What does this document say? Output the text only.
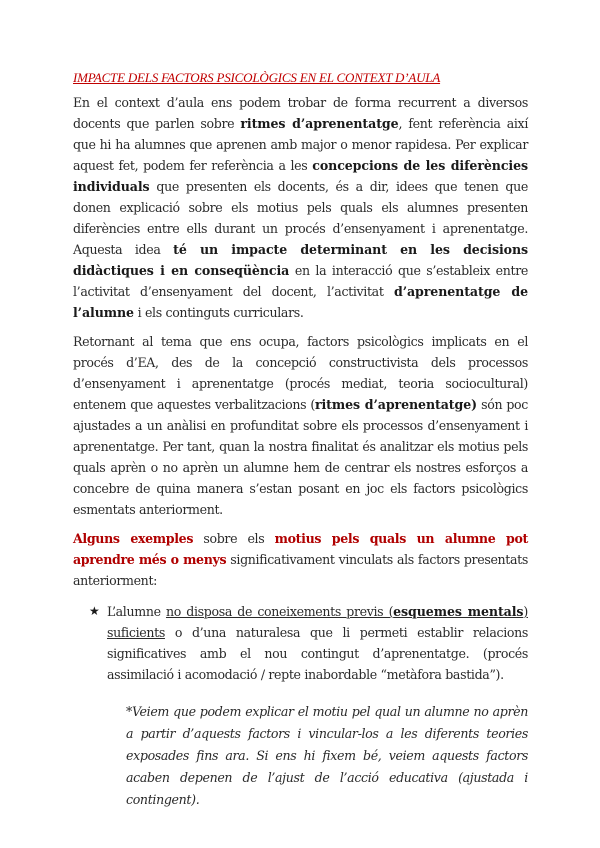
IMPACTE DELS FACTORS PSICOLÒGICS EN EL CONTEXT D’AULA

En el context d’aula ens podem trobar de forma recurrent a diversos docents que parlen sobre ritmes d’aprenentatge, fent referència així que hi ha alumnes que aprenen amb major o menor rapidesa. Per explicar aquest fet, podem fer referència a les concepcions de les diferències individuals que presenten els docents, és a dir, idees que tenen que donen explicació sobre els motius pels quals els alumnes presenten diferències entre ells durant un procés d’ensenyament i aprenentatge. Aquesta idea té un impacte determinant en les decisions didàctiques i en conseqüència en la interacció que s’estableix entre l’activitat d’ensenyament del docent, l’activitat d’aprenentatge de l’alumne i els continguts curriculars.

Retornant al tema que ens ocupa, factors psicològics implicats en el procés d’EA, des de la concepció constructivista dels processos d’ensenyament i aprenentatge (procés mediat, teoria sociocultural) entenem que aquestes verbalitzacions (ritmes d’aprenentatge) són poc ajustades a un anàlisi en profunditat sobre els processos d’ensenyament i aprenentatge. Per tant, quan la nostra finalitat és analitzar els motius pels quals aprèn o no aprèn un alumne hem de centrar els nostres esforços a concebre de quina manera s’estan posant en joc els factors psicològics esmentats anteriorment.

Alguns exemples sobre els motius pels quals un alumne pot aprendre més o menys significativament vinculats als factors presentats anteriorment:

★ L’alumne no disposa de coneixements previs (esquemes mentals) suficients o d’una naturalesa que li permeti establir relacions significatives amb el nou contingut d’aprenentatge. (procés assimilació i acomodació / repte inabordable “metàfora bastida”).

*Veiem que podem explicar el motiu pel qual un alumne no aprèn a partir d’aquests factors i vincular-los a les diferents teories exposades fins ara. Si ens hi fixem bé, veiem aquests factors acaben depenen de l’ajust de l’acció educativa (ajustada i contingent).
